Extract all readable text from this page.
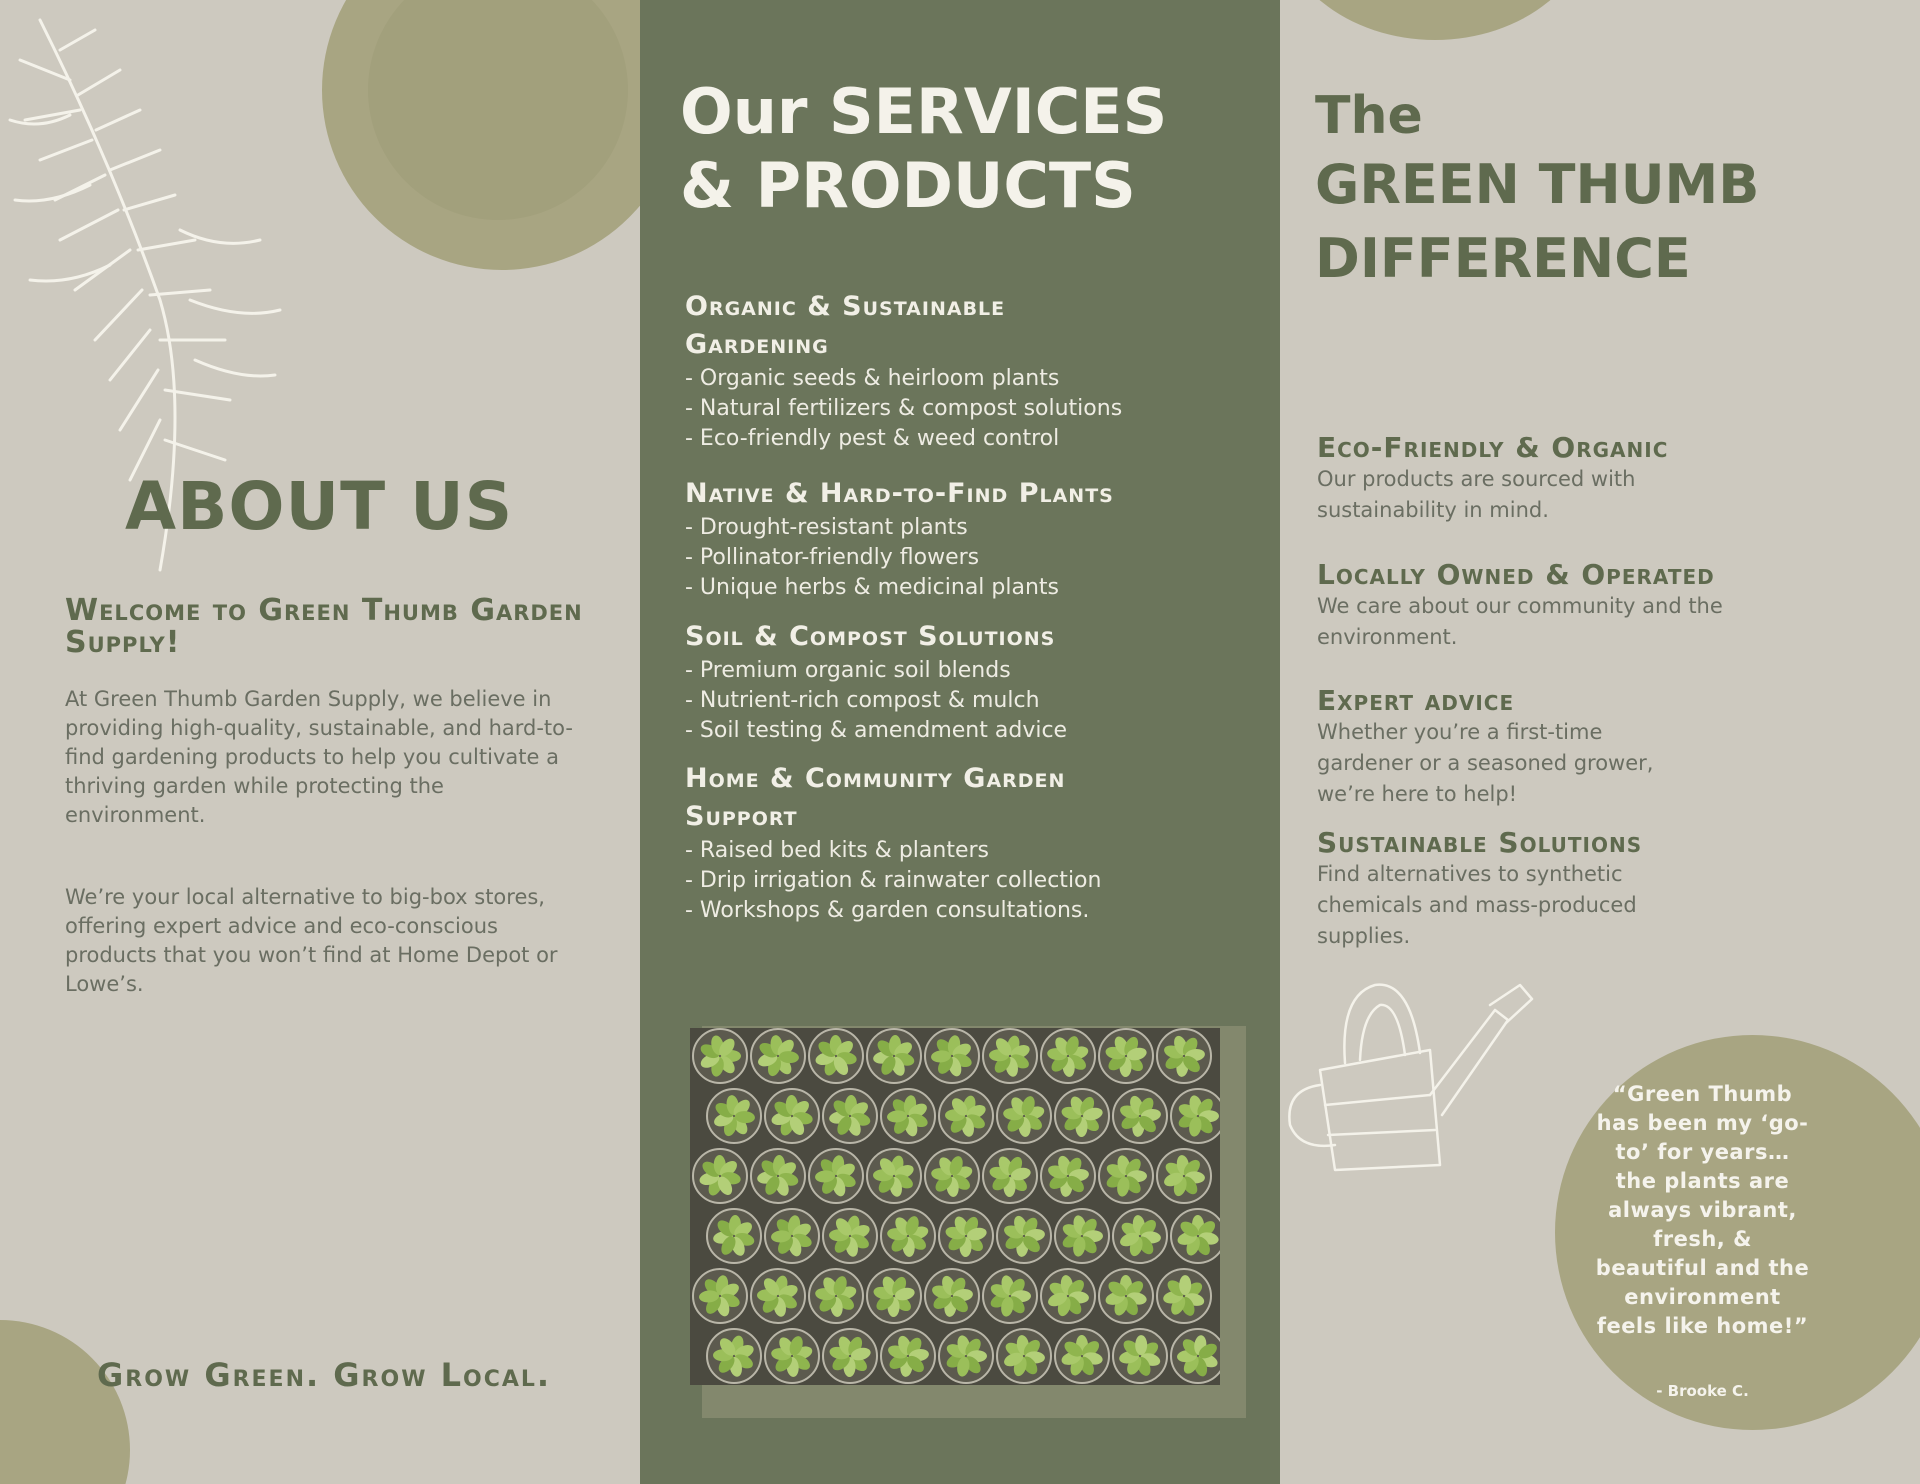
ABOUT US
Welcome to Green Thumb Garden Supply!

At Green Thumb Garden Supply, we believe in providing high-quality, sustainable, and hard-to-find gardening products to help you cultivate a thriving garden while protecting the environment.

We’re your local alternative to big-box stores, offering expert advice and eco-conscious products that you won’t find at Home Depot or Lowe’s.

Grow Green. Grow Local.

Our SERVICES
& PRODUCTS
Organic & Sustainable Gardening
- Organic seeds & heirloom plants
- Natural fertilizers & compost solutions
- Eco-friendly pest & weed control
Native & Hard-to-Find Plants
- Drought-resistant plants
- Pollinator-friendly flowers
- Unique herbs & medicinal plants
Soil & Compost Solutions
- Premium organic soil blends
- Nutrient-rich compost & mulch
- Soil testing & amendment advice
Home & Community Garden Support
- Raised bed kits & planters
- Drip irrigation & rainwater collection
- Workshops & garden consultations.
The
GREEN THUMB
DIFFERENCE
Eco-Friendly & Organic

Our products are sourced with sustainability in mind.

Locally Owned & Operated

We care about our community and the environment.

Expert advice

Whether you’re a first-time gardener or a seasoned grower, we’re here to help!

Sustainable Solutions

Find alternatives to synthetic chemicals and mass-produced supplies.

“Green Thumb has been my ‘go-to’ for years… the plants are always vibrant, fresh, & beautiful and the environment feels like home!”

- Brooke C.
